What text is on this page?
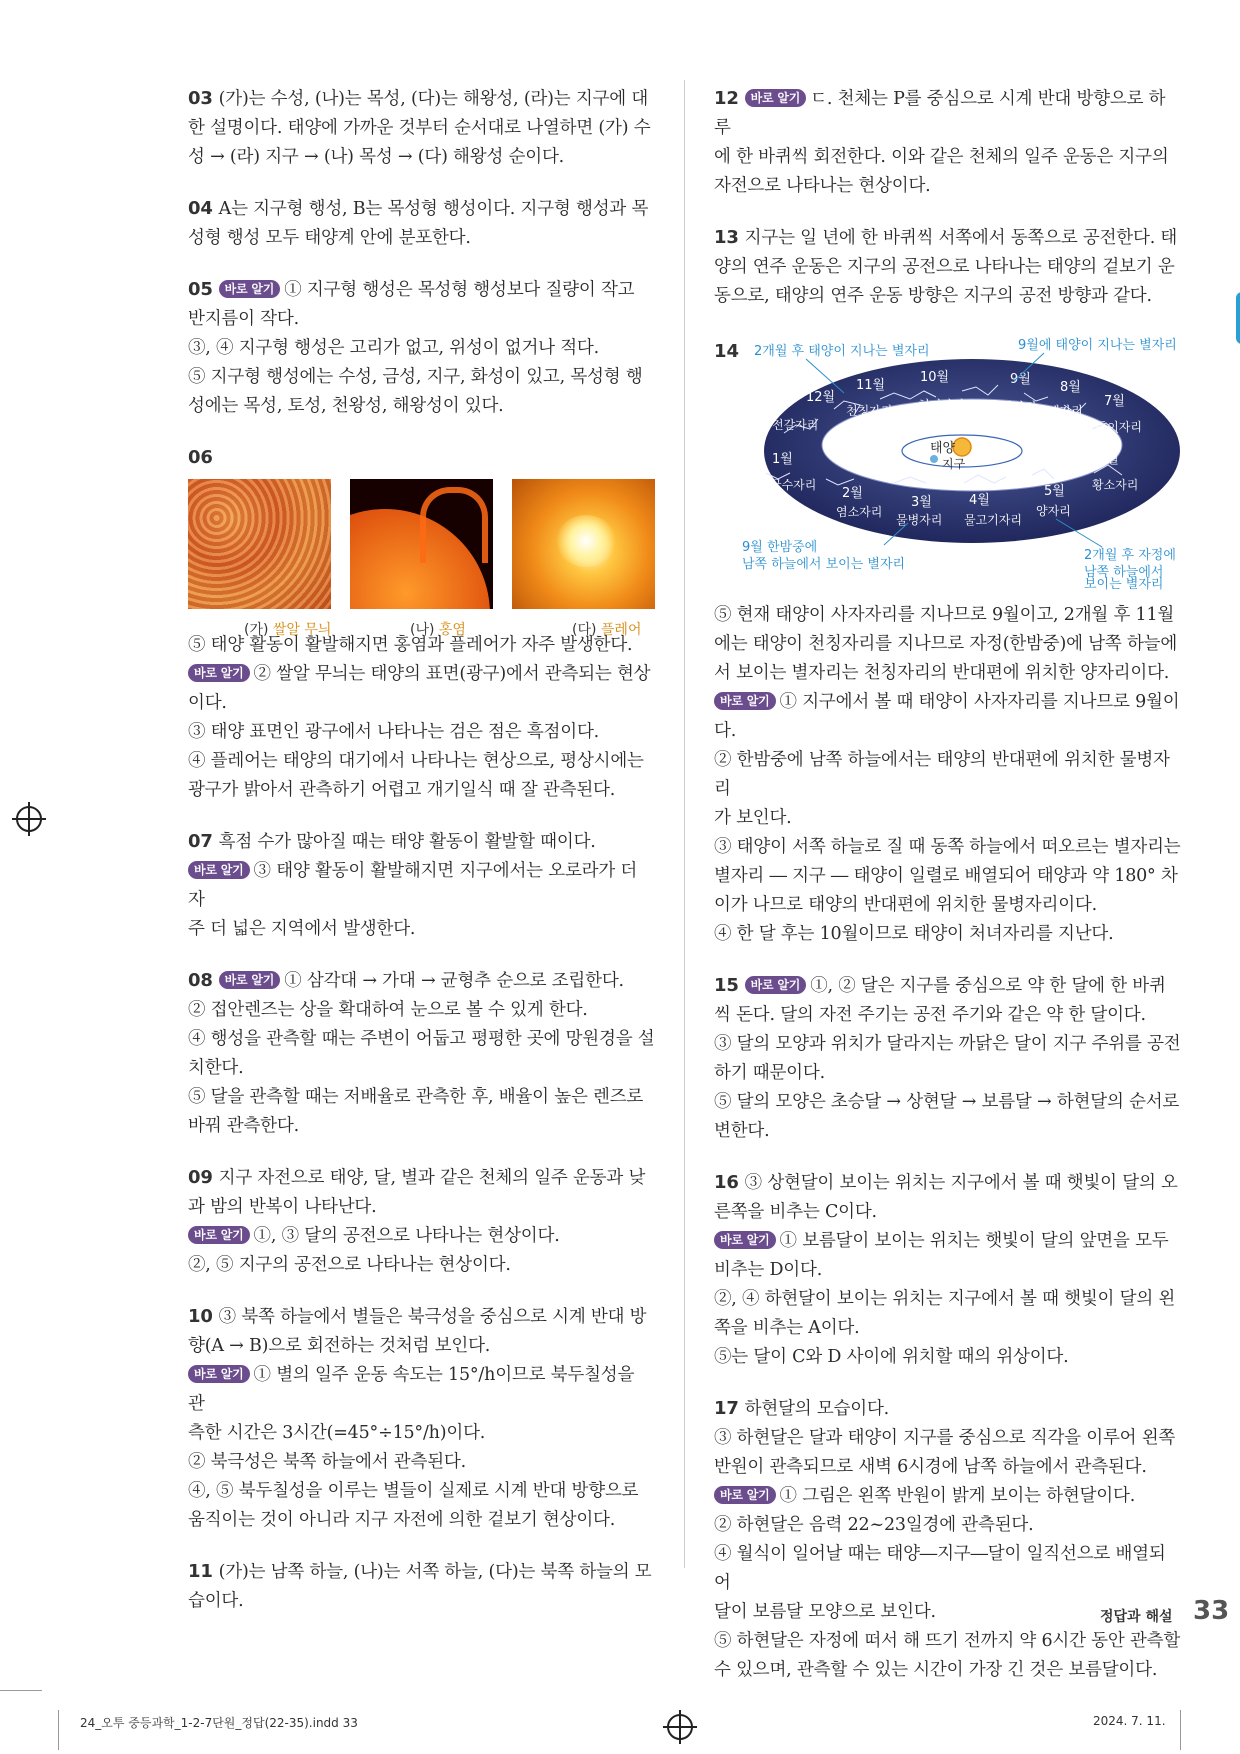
03 (가)는 수성, (나)는 목성, (다)는 해왕성, (라)는 지구에 대
한 설명이다. 태양에 가까운 것부터 순서대로 나열하면 (가) 수
성 → (라) 지구 → (나) 목성 → (다) 해왕성 순이다.

04 A는 지구형 행성, B는 목성형 행성이다. 지구형 행성과 목
성형 행성 모두 태양계 안에 분포한다.

05 바로 알기 ① 지구형 행성은 목성형 행성보다 질량이 작고
반지름이 작다.
③, ④ 지구형 행성은 고리가 없고, 위성이 없거나 적다.
⑤ 지구형 행성에는 수성, 금성, 지구, 화성이 있고, 목성형 행
성에는 목성, 토성, 천왕성, 해왕성이 있다.

06

(가) 쌀알 무늬	(나) 홍염	(다) 플레어

⑤ 태양 활동이 활발해지면 홍염과 플레어가 자주 발생한다.
바로 알기 ② 쌀알 무늬는 태양의 표면(광구)에서 관측되는 현상
이다.
③ 태양 표면인 광구에서 나타나는 검은 점은 흑점이다.
④ 플레어는 태양의 대기에서 나타나는 현상으로, 평상시에는
광구가 밝아서 관측하기 어렵고 개기일식 때 잘 관측된다.

07 흑점 수가 많아질 때는 태양 활동이 활발할 때이다.
바로 알기 ③ 태양 활동이 활발해지면 지구에서는 오로라가 더 자
주 더 넓은 지역에서 발생한다.

08 바로 알기 ① 삼각대 → 가대 → 균형추 순으로 조립한다.
② 접안렌즈는 상을 확대하여 눈으로 볼 수 있게 한다.
④ 행성을 관측할 때는 주변이 어둡고 평평한 곳에 망원경을 설
치한다.
⑤ 달을 관측할 때는 저배율로 관측한 후, 배율이 높은 렌즈로
바꿔 관측한다.

09 지구 자전으로 태양, 달, 별과 같은 천체의 일주 운동과 낮
과 밤의 반복이 나타난다.
바로 알기 ①, ③ 달의 공전으로 나타나는 현상이다.
②, ⑤ 지구의 공전으로 나타나는 현상이다.

10 ③ 북쪽 하늘에서 별들은 북극성을 중심으로 시계 반대 방
향(A → B)으로 회전하는 것처럼 보인다.
바로 알기 ① 별의 일주 운동 속도는 15°/h이므로 북두칠성을 관
측한 시간은 3시간(=45°÷15°/h)이다.
② 북극성은 북쪽 하늘에서 관측된다.
④, ⑤ 북두칠성을 이루는 별들이 실제로 시계 반대 방향으로
움직이는 것이 아니라 지구 자전에 의한 겉보기 현상이다.

11 (가)는 남쪽 하늘, (나)는 서쪽 하늘, (다)는 북쪽 하늘의 모
습이다.

12 바로 알기 ㄷ. 천체는 P를 중심으로 시계 반대 방향으로 하루
에 한 바퀴씩 회전한다. 이와 같은 천체의 일주 운동은 지구의
자전으로 나타나는 현상이다.

13 지구는 일 년에 한 바퀴씩 서쪽에서 동쪽으로 공전한다. 태
양의 연주 운동은 지구의 공전으로 나타나는 태양의 겉보기 운
동으로, 태양의 연주 운동 방향은 지구의 공전 방향과 같다.

14
태양
지구
1월
2월
3월	4월
5월
6월
7월
8월
9월
10월
11월
12월
궁수자리
염소자리
물병자리 물고기자리
양자리
황소자리
쌍둥이자리
게자리
사자자리
처녀자리
천칭자리
전갈자리
2개월 후 태양이 지나는 별자리	9월에 태양이 지나는 별자리
9월 한밤중에
남쪽 하늘에서 보이는 별자리
2개월 후 자정에
남쪽 하늘에서
보이는 별자리

⑤ 현재 태양이 사자자리를 지나므로 9월이고, 2개월 후 11월
에는 태양이 천칭자리를 지나므로 자정(한밤중)에 남쪽 하늘에
서 보이는 별자리는 천칭자리의 반대편에 위치한 양자리이다.
바로 알기 ① 지구에서 볼 때 태양이 사자자리를 지나므로 9월이다.
② 한밤중에 남쪽 하늘에서는 태양의 반대편에 위치한 물병자리
가 보인다.
③ 태양이 서쪽 하늘로 질 때 동쪽 하늘에서 떠오르는 별자리는
별자리 ― 지구 ― 태양이 일렬로 배열되어 태양과 약 180° 차
이가 나므로 태양의 반대편에 위치한 물병자리이다.
④ 한 달 후는 10월이므로 태양이 처녀자리를 지난다.

15 바로 알기 ①, ② 달은 지구를 중심으로 약 한 달에 한 바퀴
씩 돈다. 달의 자전 주기는 공전 주기와 같은 약 한 달이다.
③ 달의 모양과 위치가 달라지는 까닭은 달이 지구 주위를 공전
하기 때문이다.
⑤ 달의 모양은 초승달 → 상현달 → 보름달 → 하현달의 순서로
변한다.

16 ③ 상현달이 보이는 위치는 지구에서 볼 때 햇빛이 달의 오
른쪽을 비추는 C이다.
바로 알기 ① 보름달이 보이는 위치는 햇빛이 달의 앞면을 모두
비추는 D이다.
②, ④ 하현달이 보이는 위치는 지구에서 볼 때 햇빛이 달의 왼
쪽을 비추는 A이다.
⑤는 달이 C와 D 사이에 위치할 때의 위상이다.

17 하현달의 모습이다.
③ 하현달은 달과 태양이 지구를 중심으로 직각을 이루어 왼쪽
반원이 관측되므로 새벽 6시경에 남쪽 하늘에서 관측된다.
바로 알기 ① 그림은 왼쪽 반원이 밝게 보이는 하현달이다.
② 하현달은 음력 22~23일경에 관측된다.
④ 월식이 일어날 때는 태양―지구―달이 일직선으로 배열되어
달이 보름달 모양으로 보인다.
⑤ 하현달은 자정에 떠서 해 뜨기 전까지 약 6시간 동안 관측할
수 있으며, 관측할 수 있는 시간이 가장 긴 것은 보름달이다.

정답과 해설 33
24_오투 중등과학_1-2-7단원_정답(22-35).indd 33	2024. 7. 11.
